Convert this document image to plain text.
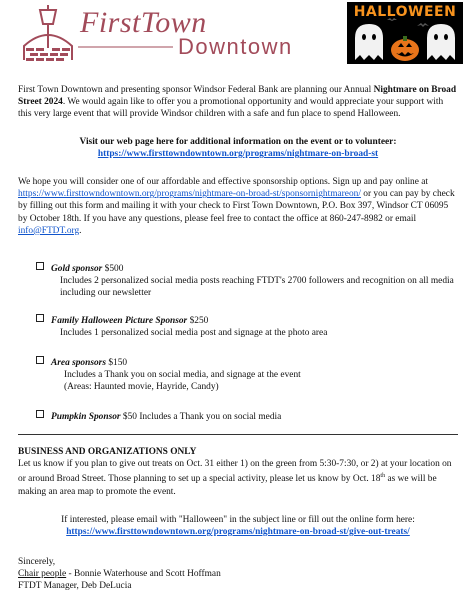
FirstTown
Downtown
HALLOWEEN
First Town Downtown and presenting sponsor Windsor Federal Bank are planning our Annual Nightmare on Broad Street 2024. We would again like to offer you a promotional opportunity and would appreciate your support with this very large event that will provide Windsor children with a safe and fun place to spend Halloween.
Visit our web page here for additional information on the event or to volunteer:
https://www.firsttowndowntown.org/programs/nightmare-on-broad-st
We hope you will consider one of our affordable and effective sponsorship options. Sign up and pay online at https://www.firsttowndowntown.org/programs/nightmare-on-broad-st/sponsornightmareon/ or you can pay by check by filling out this form and mailing it with your check to First Town Downtown, P.O. Box 397, Windsor CT 06095 by October 18th. If you have any questions, please feel free to contact the office at 860-247-8982 or email info@FTDT.org.
Gold sponsor $500
Includes 2 personalized social media posts reaching FTDT's 2700 followers and recognition on all media including our newsletter
Family Halloween Picture Sponsor $250
Includes 1 personalized social media post and signage at the photo area
Area sponsors $150
Includes a Thank you on social media, and signage at the event
(Areas: Haunted movie, Hayride, Candy)
Pumpkin Sponsor $50 Includes a Thank you on social media
BUSINESS AND ORGANIZATIONS ONLY
Let us know if you plan to give out treats on Oct. 31 either 1) on the green from 5:30-7:30, or 2) at your location on or around Broad Street. Those planning to set up a special activity, please let us know by Oct. 18th as we will be making an area map to promote the event.
If interested, please email with "Halloween" in the subject line or fill out the online form here:
https://www.firsttowndowntown.org/programs/nightmare-on-broad-st/give-out-treats/
Sincerely,
Chair people - Bonnie Waterhouse and Scott Hoffman
FTDT Manager, Deb DeLucia
